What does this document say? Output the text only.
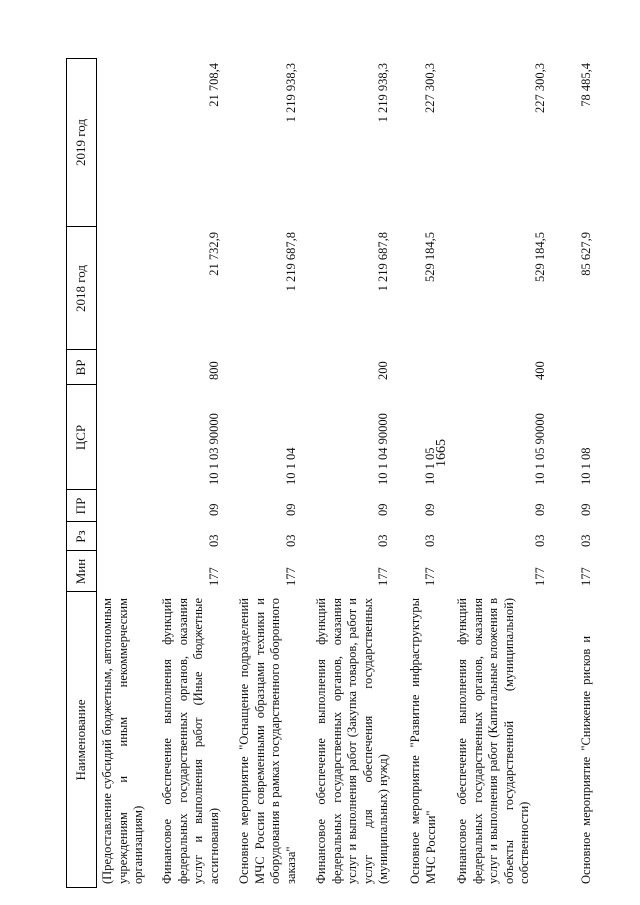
1665
Наименование
Мин
Рз
ПР
ЦСР
ВР
2018 год
2019 год
(Предоставление субсидий бюджетным, автономным учреждениям и иным некоммерческим организациям) Финансовое обеспечение выполнения функций федеральных государственных органов, оказания услуг и выполнения работ (Иные бюджетные ассигнования)
177
03
09
10 1 03 90000
800
21 732,9
21 708,4
Основное мероприятие "Оснащение подразделений МЧС России современными образцами техники и оборудования в рамках государственного оборонного заказа"
177
03
09
10 1 04
1 219 687,8
1 219 938,3
Финансовое обеспечение выполнения функций федеральных государственных органов, оказания услуг и выполнения работ (Закупка товаров, работ и услуг для обеспечения государственных (муниципальных) нужд)
177
03
09
10 1 04 90000
200
1 219 687,8
1 219 938,3
Основное мероприятие "Развитие инфраструктуры МЧС России"
177
03
09
10 1 05
529 184,5
227 300,3
Финансовое обеспечение выполнения функций федеральных государственных органов, оказания услуг и выполнения работ (Капитальные вложения в объекты государственной (муниципальной) собственности)
177
03
09
10 1 05 90000
400
529 184,5
227 300,3
Основное мероприятие "Снижение рисков и
177
03
09
10 1 08
85 627,9
78 485,4
